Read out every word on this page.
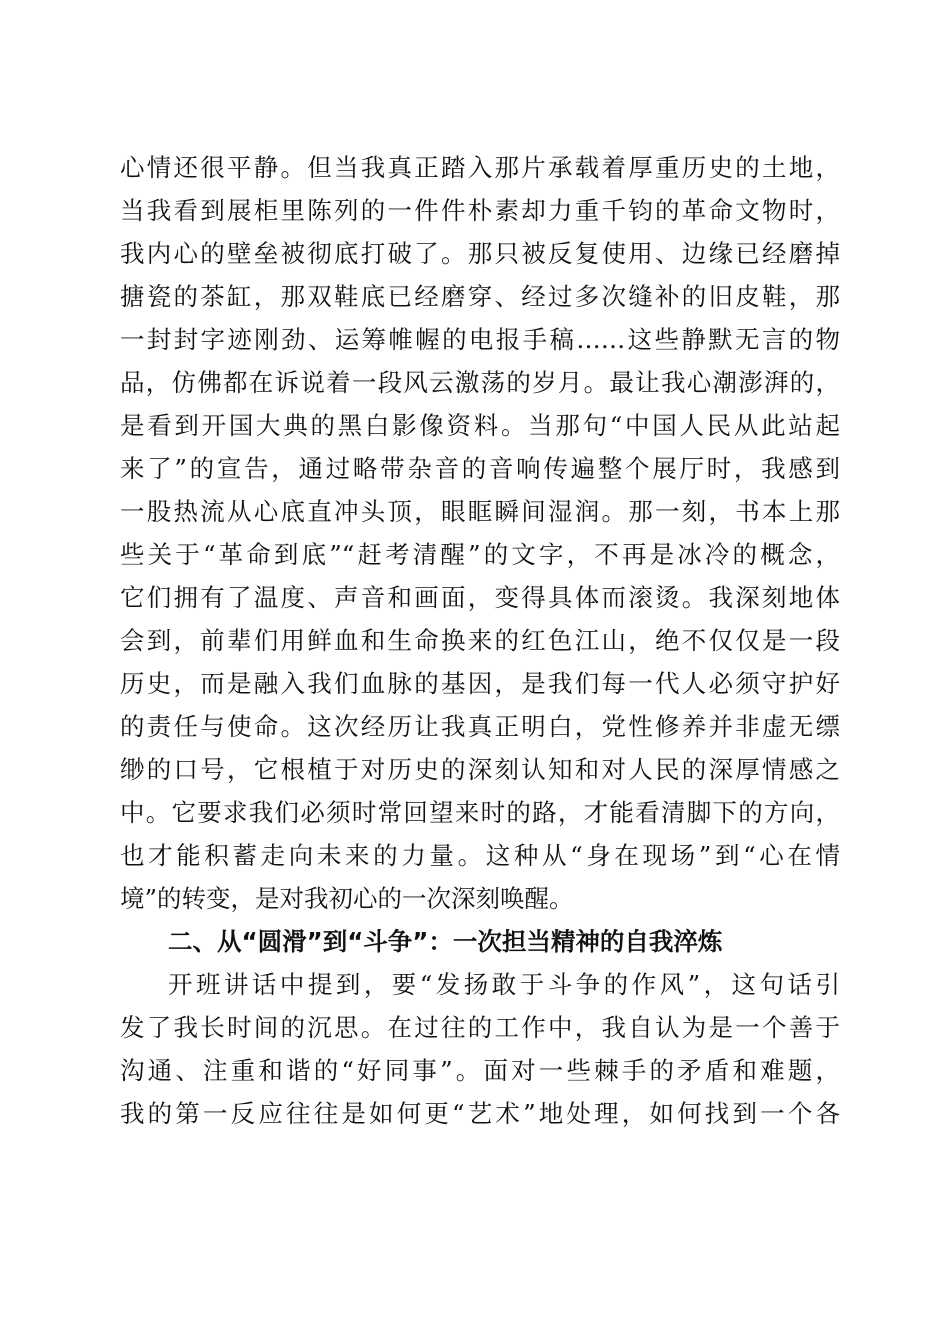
心情还很平静。但当我真正踏入那片承载着厚重历史的土地，
当我看到展柜里陈列的一件件朴素却力重千钧的革命文物时，
我内心的壁垒被彻底打破了。那只被反复使用、边缘已经磨掉
搪瓷的茶缸，那双鞋底已经磨穿、经过多次缝补的旧皮鞋，那
一封封字迹刚劲、运筹帷幄的电报手稿……这些静默无言的物
品，仿佛都在诉说着一段风云激荡的岁月。最让我心潮澎湃的，
是看到开国大典的黑白影像资料。当那句“中国人民从此站起
来了”的宣告，通过略带杂音的音响传遍整个展厅时，我感到
一股热流从心底直冲头顶，眼眶瞬间湿润。那一刻，书本上那
些关于“革命到底”“赶考清醒”的文字，不再是冰冷的概念，
它们拥有了温度、声音和画面，变得具体而滚烫。我深刻地体
会到，前辈们用鲜血和生命换来的红色江山，绝不仅仅是一段
历史，而是融入我们血脉的基因，是我们每一代人必须守护好
的责任与使命。这次经历让我真正明白，党性修养并非虚无缥
缈的口号，它根植于对历史的深刻认知和对人民的深厚情感之
中。它要求我们必须时常回望来时的路，才能看清脚下的方向，
也才能积蓄走向未来的力量。这种从“身在现场”到“心在情
境”的转变，是对我初心的一次深刻唤醒。
二、从“圆滑”到“斗争”：一次担当精神的自我淬炼
开班讲话中提到，要“发扬敢于斗争的作风”，这句话引
发了我长时间的沉思。在过往的工作中，我自认为是一个善于
沟通、注重和谐的“好同事”。面对一些棘手的矛盾和难题，
我的第一反应往往是如何更“艺术”地处理，如何找到一个各
